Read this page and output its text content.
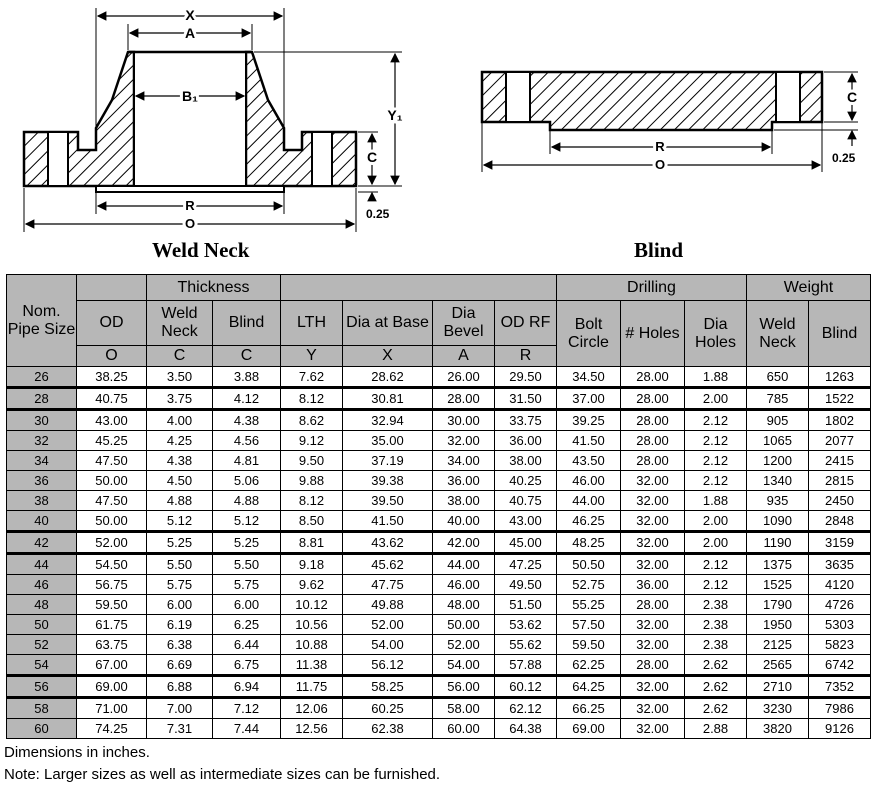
X
A
B₁
Y₁
C
0.25
R
O
C
0.25
R
O
Weld Neck	Blind
Nom. Pipe Size		Thickness						Drilling			Weight	
	OD	Weld Neck	Blind	LTH	Dia at Base	Dia Bevel	OD RF	Bolt Circle	# Holes	Dia Holes	Weld Neck	Blind
	O	C	C	Y	X	A	R					
26	38.25	3.50	3.88	7.62	28.62	26.00	29.50	34.50	28.00	1.88	650	1263
28	40.75	3.75	4.12	8.12	30.81	28.00	31.50	37.00	28.00	2.00	785	1522
30	43.00	4.00	4.38	8.62	32.94	30.00	33.75	39.25	28.00	2.12	905	1802
32	45.25	4.25	4.56	9.12	35.00	32.00	36.00	41.50	28.00	2.12	1065	2077
34	47.50	4.38	4.81	9.50	37.19	34.00	38.00	43.50	28.00	2.12	1200	2415
36	50.00	4.50	5.06	9.88	39.38	36.00	40.25	46.00	32.00	2.12	1340	2815
38	47.50	4.88	4.88	8.12	39.50	38.00	40.75	44.00	32.00	1.88	935	2450
40	50.00	5.12	5.12	8.50	41.50	40.00	43.00	46.25	32.00	2.00	1090	2848
42	52.00	5.25	5.25	8.81	43.62	42.00	45.00	48.25	32.00	2.00	1190	3159
44	54.50	5.50	5.50	9.18	45.62	44.00	47.25	50.50	32.00	2.12	1375	3635
46	56.75	5.75	5.75	9.62	47.75	46.00	49.50	52.75	36.00	2.12	1525	4120
48	59.50	6.00	6.00	10.12	49.88	48.00	51.50	55.25	28.00	2.38	1790	4726
50	61.75	6.19	6.25	10.56	52.00	50.00	53.62	57.50	32.00	2.38	1950	5303
52	63.75	6.38	6.44	10.88	54.00	52.00	55.62	59.50	32.00	2.38	2125	5823
54	67.00	6.69	6.75	11.38	56.12	54.00	57.88	62.25	28.00	2.62	2565	6742
56	69.00	6.88	6.94	11.75	58.25	56.00	60.12	64.25	32.00	2.62	2710	7352
58	71.00	7.00	7.12	12.06	60.25	58.00	62.12	66.25	32.00	2.62	3230	7986
60	74.25	7.31	7.44	12.56	62.38	60.00	64.38	69.00	32.00	2.88	3820	9126
Dimensions in inches.
Note: Larger sizes as well as intermediate sizes can be furnished.
